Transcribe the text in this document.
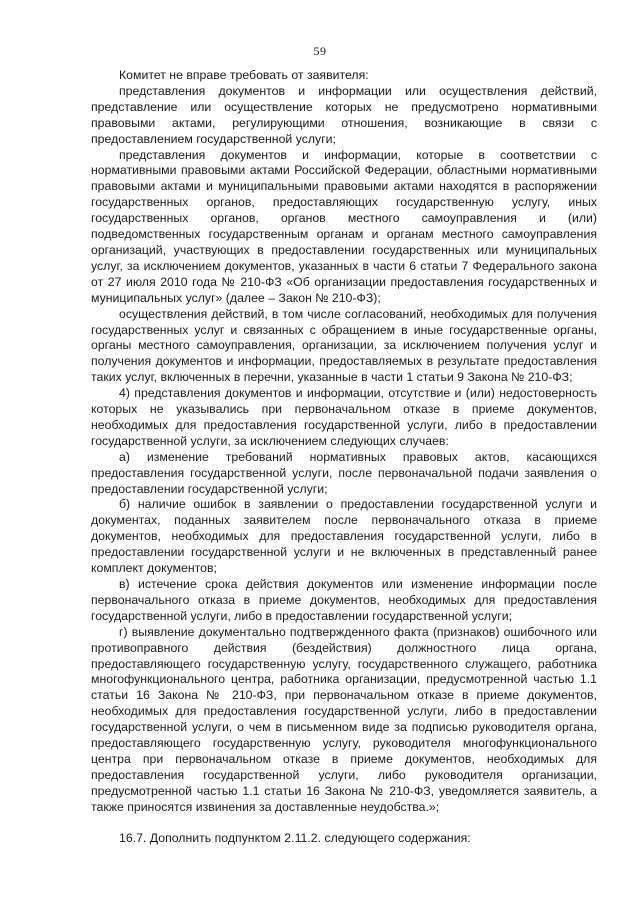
59

Комитет не вправе требовать от заявителя:

представления документов и информации или осуществления действий, представление или осуществление которых не предусмотрено нормативными правовыми актами, регулирующими отношения, возникающие в связи с предоставлением государственной услуги;

представления документов и информации, которые в соответствии с нормативными правовыми актами Российской Федерации, областными нормативными правовыми актами и муниципальными правовыми актами находятся в распоряжении государственных органов, предоставляющих государственную услугу, иных государственных органов, органов местного самоуправления и (или) подведомственных государственным органам и органам местного самоуправления организаций, участвующих в предоставлении государственных или муниципальных услуг, за исключением документов, указанных в части 6 статьи 7 Федерального закона от 27 июля 2010 года № 210-ФЗ «Об организации предоставления государственных и муниципальных услуг» (далее – Закон № 210-ФЗ);

осуществления действий, в том числе согласований, необходимых для получения государственных услуг и связанных с обращением в иные государственные органы, органы местного самоуправления, организации, за исключением получения услуг и получения документов и информации, предоставляемых в результате предоставления таких услуг, включенных в перечни, указанные в части 1 статьи 9 Закона № 210-ФЗ;

4) представления документов и информации, отсутствие и (или) недостоверность которых не указывались при первоначальном отказе в приеме документов, необходимых для предоставления государственной услуги, либо в предоставлении государственной услуги, за исключением следующих случаев:

а) изменение требований нормативных правовых актов, касающихся предоставления государственной услуги, после первоначальной подачи заявления о предоставлении государственной услуги;

б) наличие ошибок в заявлении о предоставлении государственной услуги и документах, поданных заявителем после первоначального отказа в приеме документов, необходимых для предоставления государственной услуги, либо в предоставлении государственной услуги и не включенных в представленный ранее комплект документов;

в) истечение срока действия документов или изменение информации после первоначального отказа в приеме документов, необходимых для предоставления государственной услуги, либо в предоставлении государственной услуги;

г) выявление документально подтвержденного факта (признаков) ошибочного или противоправного действия (бездействия) должностного лица органа, предоставляющего государственную услугу, государственного служащего, работника многофункционального центра, работника организации, предусмотренной частью 1.1 статьи 16 Закона № 210-ФЗ, при первоначальном отказе в приеме документов, необходимых для предоставления государственной услуги, либо в предоставлении государственной услуги, о чем в письменном виде за подписью руководителя органа, предоставляющего государственную услугу, руководителя многофункционального центра при первоначальном отказе в приеме документов, необходимых для предоставления государственной услуги, либо руководителя организации, предусмотренной частью 1.1 статьи 16 Закона № 210-ФЗ, уведомляется заявитель, а также приносятся извинения за доставленные неудобства.»;

16.7. Дополнить подпунктом 2.11.2. следующего содержания:
